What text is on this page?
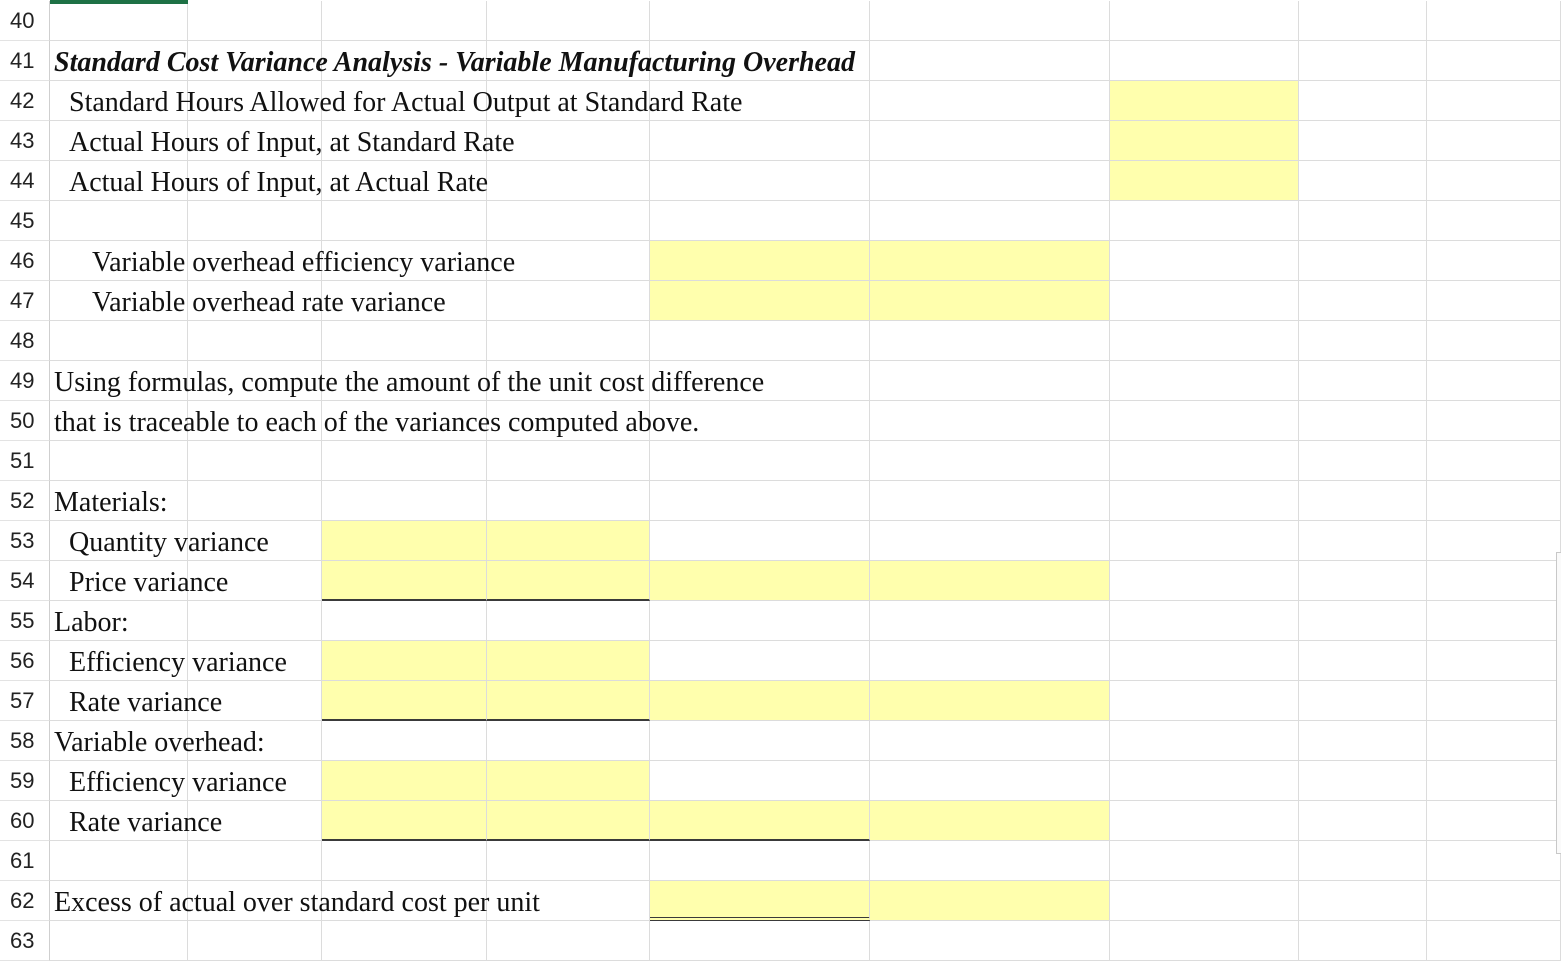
40
41
42
43
44
45
46
47
48
49
50
51
52
53
54
55
56
57
58
59
60
61
62
63
Standard Cost Variance Analysis - Variable Manufacturing Overhead
Standard Hours Allowed for Actual Output at Standard Rate
Actual Hours of Input, at Standard Rate
Actual Hours of Input, at Actual Rate
Variable overhead efficiency variance
Variable overhead rate variance
Using formulas, compute the amount of the unit cost difference
that is traceable to each of the variances computed above.
Materials:
Quantity variance
Price variance
Labor:
Efficiency variance
Rate variance
Variable overhead:
Efficiency variance
Rate variance
Excess of actual over standard cost per unit
